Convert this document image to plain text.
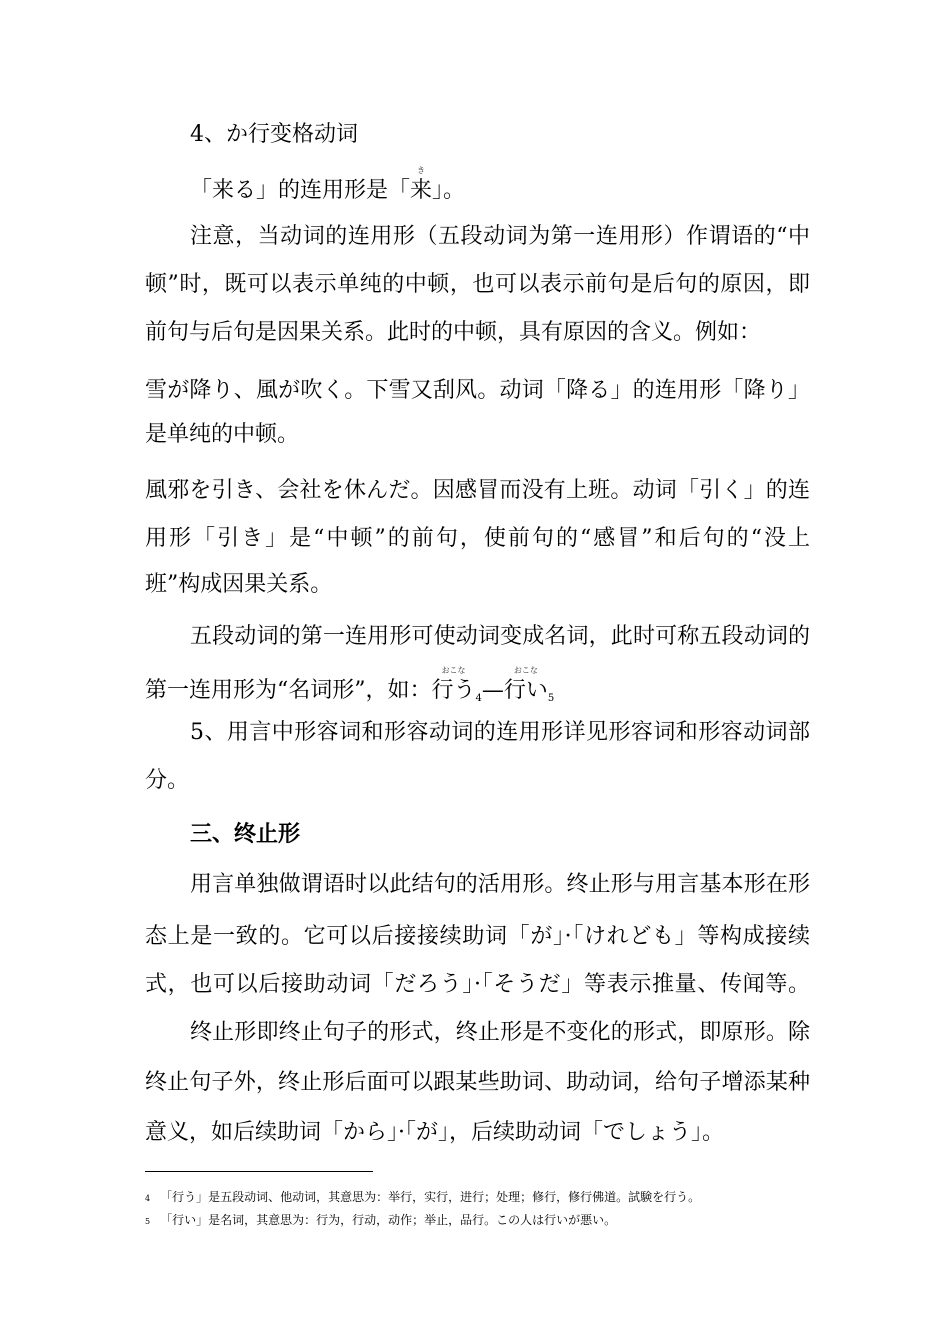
4、か行变格动词
「来る」的连用形是「
き
来」。
注意，当动词的连用形（五段动词为第一连用形）作谓语的“中
顿”时，既可以表示单纯的中顿，也可以表示前句是后句的原因，即
前句与后句是因果关系。此时的中顿，具有原因的含义。例如：
雪が降り、風が吹く。下雪又刮风。动词「降る」的连用形「降り」
是单纯的中顿。
風邪を引き、会社を休んだ。因感冒而没有上班。动词「引く」的连
用形「引き」是“中顿”的前句，使前句的“感冒”和后句的“没上
班”构成因果关系。
五段动词的第一连用形可使动词变成名词，此时可称五段动词的
第一连用形为“名词形”，如：
おこな
行う$_4$—
おこな
行い$_5$
5、用言中形容词和形容动词的连用形详见形容词和形容动词部
分。
三、终止形
用言单独做谓语时以此结句的活用形。终止形与用言基本形在形
态上是一致的。它可以后接接续助词「が」·「けれども」等构成接续
式，也可以后接助动词「だろう」·「そうだ」等表示推量、传闻等。
终止形即终止句子的形式，终止形是不变化的形式，即原形。除
终止句子外，终止形后面可以跟某些助词、助动词，给句子增添某种
意义，如后续助词「から」·「が」，后续助动词「でしょう」。
4 「行う」是五段动词、他动词，其意思为：举行，实行，进行；处理；修行，修行佛道。試験を行う。
5 「行い」是名词，其意思为：行为，行动，动作；举止，品行。この人は行いが悪い。
